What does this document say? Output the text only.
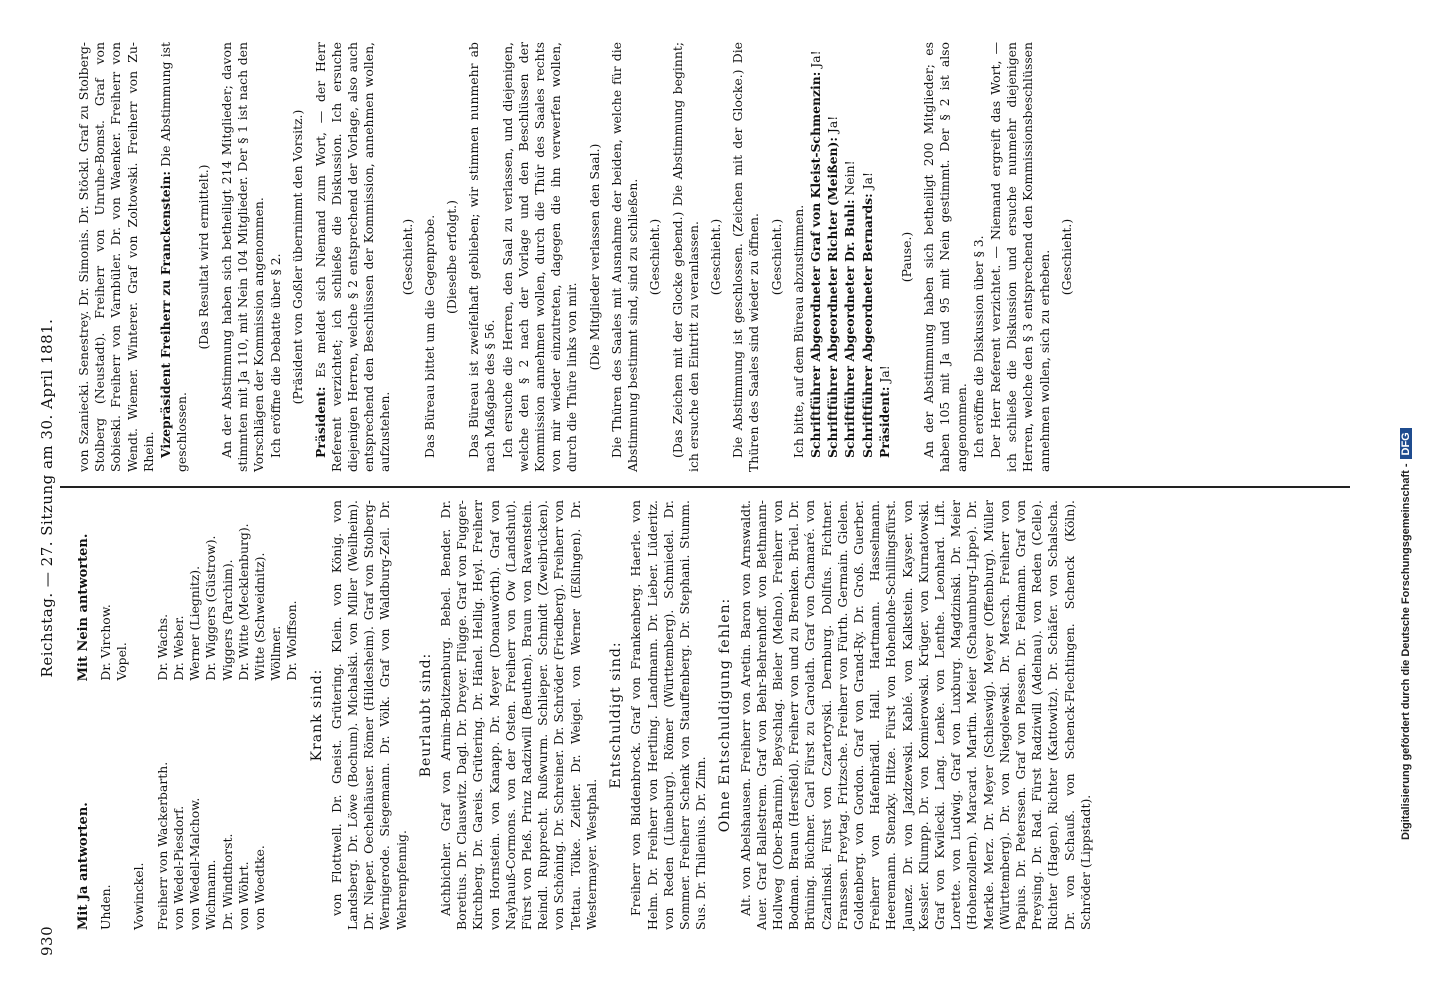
930
Reichstag. — 27. Sitzung am 30. April 1881.
Mit Ja antworten.
Mit Nein antworten.
Uhden.
Dr. Virchow. Vopel.
Vowinckel. Freiherr von Wackerbarth.
Dr. Wachs.
von Wedel-Piesdorf.
Dr. Weber.
von Wedell-Malchow.
Werner (Liegnitz).
Wichmann.
Dr. Wiggers (Güstrow).
Dr. Windthorst.
Wiggers (Parchim).
von Wöhrt.
Dr. Witte (Mecklenburg).
von Woedtke.
Witte (Schweidnitz). Wöllmer. Dr. Wolffson.

Krank sind: von Flottwell. Dr. Gneist. Grütering. Klein. von König. von Landsberg. Dr. Löwe (Bochum). Michalski. von Miller (Weilheim). Dr. Nieper. Oechelhäuser. Römer (Hildesheim). Graf von Stolberg-Wernigerode. Siegemann. Dr. Völk. Graf von Waldburg-Zeil. Dr. Wehrenpfennig.

Beurlaubt sind: Aichbichler. Graf von Arnim-Boitzenburg. Bebel. Bender. Dr. Boretius. Dr. Clauswitz. Dagl. Dr. Dreyer. Flügge. Graf von Fugger-Kirchberg. Dr. Gareis. Grütering. Dr. Hänel. Hellig. Heyl. Freiherr von Hornstein. von Kanapp. Dr. Meyer (Donauwörth). Graf von Nayhauß-Cormons. von der Osten. Freiherr von Ow (Landshut). Fürst von Pleß. Prinz Radziwill (Beuthen). Braun von Ravenstein. Reindl. Rupprecht. Rußwurm. Schlieper. Schmidt (Zweibrücken). von Schöning. Dr. Schreiner. Dr. Schröder (Friedberg). Freiherr von Tettau. Tölke. Zeitler. Dr. Weigel. von Werner (Eßlingen). Dr. Westermayer. Westphal.

Entschuldigt sind: Freiherr von Biddenbrock. Graf von Frankenberg. Haerle. von Helm. Dr. Freiherr von Hertling. Landmann. Dr. Lieber. Lüderitz. von Reden (Lüneburg). Römer (Württemberg). Schmiedel. Dr. Sommer. Freiherr Schenk von Stauffenberg. Dr. Stephani. Stumm. Sus. Dr. Thilenius. Dr. Zinn.

Ohne Entschuldigung fehlen: Alt. von Abelshausen. Freiherr von Aretin. Baron von Arnswaldt. Auer. Graf Ballestrem. Graf von Behr-Behrenhoff. von Bethmann-Hollweg (Ober-Barnim). Beyschlag. Bieler (Melno). Freiherr von Bodman. Braun (Hersfeld). Freiherr von und zu Brenken. Brüel. Dr. Brüning. Büchner. Carl Fürst zu Carolath. Graf von Chamaré. von Czarlinski. Fürst von Czartoryski. Dernburg. Dollfus. Fichtner. Franssen. Freytag. Fritzsche. Freiherr von Fürth. Germain. Gielen. Goldenberg. von Gordon. Graf von Grand-Ry. Dr. Groß. Guerber. Freiherr von Hafenbrädl. Hall. Hartmann. Hasselmann. Heeremann. Stenzky. Hitze. Fürst von Hohenlohe-Schillingsfürst. Jaunez. Dr. von Jazdzewski. Kablé. von Kalkstein. Kayser. von Kessler. Klumpp. Dr. von Komierowski. Krüger. von Kurnatowski. Graf von Kwilecki. Lang. Lenke. von Lenthe. Leonhard. Lift. Lorette. von Ludwig. Graf von Luxburg. Magdzinski. Dr. Meier (Hohenzollern). Marcard. Martin. Meier (Schaumburg-Lippe). Dr. Merkle. Merz. Dr. Meyer (Schleswig). Meyer (Offenburg). Müller (Württemberg). Dr. von Niegolewski. Dr. Mersch. Freiherr von Papius. Dr. Peterssen. Graf von Plessen. Dr. Feldmann. Graf von Preysing. Dr. Rad. Fürst Radziwill (Adelnau). von Reden (Celle). Richter (Hagen). Richter (Kattowitz). Dr. Schäfer. von Schalscha. Dr. von Schauß. von Schenck-Flechtingen. Schenck (Köln). Schröder (Lippstadt).

von Szaniecki. Senestrey. Dr. Simonis. Dr. Stöckl. Graf zu Stolberg-Stolberg (Neustadt). Freiherr von Unruhe-Bomst. Graf von Sobieski. Freiherr von Varnbüler. Dr. von Waenker. Freiherr von Wendt. Wiemer. Winterer. Graf von Zoltowski. Freiherr von Zu-Rhein. Vizepräsident Freiherr zu Franckenstein: Die Abstimmung ist geschlossen.

(Das Resultat wird ermittelt.) An der Abstimmung haben sich betheiligt 214 Mitglieder; davon stimmten mit Ja 110, mit Nein 104 Mitglieder. Der § 1 ist nach den Vorschlägen der Kommission angenommen. Ich eröffne die Debatte über § 2. (Präsident von Goßler übernimmt den Vorsitz.)

Präsident: Es meldet sich Niemand zum Wort, — der Herr Referent verzichtet; ich schließe die Diskussion. Ich ersuche diejenigen Herren, welche § 2 entsprechend der Vorlage, also auch entsprechend den Beschlüssen der Kommission, annehmen wollen, aufzustehen.

(Geschieht.) Das Büreau bittet um die Gegenprobe. (Dieselbe erfolgt.) Das Büreau ist zweifelhaft geblieben; wir stimmen nunmehr ab nach Maßgabe des § 56. Ich ersuche die Herren, den Saal zu verlassen, und diejenigen, welche den § 2 nach der Vorlage und den Beschlüssen der Kommission annehmen wollen, durch die Thür des Saales rechts von mir wieder einzutreten, dagegen die ihn verwerfen wollen, durch die Thüre links von mir.

(Die Mitglieder verlassen den Saal.) Die Thüren des Saales mit Ausnahme der beiden, welche für die Abstimmung bestimmt sind, sind zu schließen. (Geschieht.) (Das Zeichen mit der Glocke gebend.) Die Abstimmung beginnt; ich ersuche den Eintritt zu veranlassen. (Geschieht.) Die Abstimmung ist geschlossen. (Zeichen mit der Glocke.) Die Thüren des Saales sind wieder zu öffnen. (Geschieht.) Ich bitte, auf dem Büreau abzustimmen. Schriftführer Abgeordneter Graf von Kleist-Schmenzin: Ja!

Schriftführer Abgeordneter Richter (Meißen): Ja!

Schriftführer Abgeordneter Dr. Buhl: Nein!

Schriftführer Abgeordneter Bernards: Ja!

Präsident: Ja!

(Pause.) An der Abstimmung haben sich betheiligt 200 Mitglieder; es haben 105 mit Ja und 95 mit Nein gestimmt. Der § 2 ist also angenommen. Ich eröffne die Diskussion über § 3. Der Herr Referent verzichtet. — Niemand ergreift das Wort, — ich schließe die Diskussion und ersuche nunmehr diejenigen Herren, welche den § 3 entsprechend den Kommissionsbeschlüssen annehmen wollen, sich zu erheben. (Geschieht.)

Digitalisierung gefördert durch die Deutsche Forschungsgemeinschaft -DFG
